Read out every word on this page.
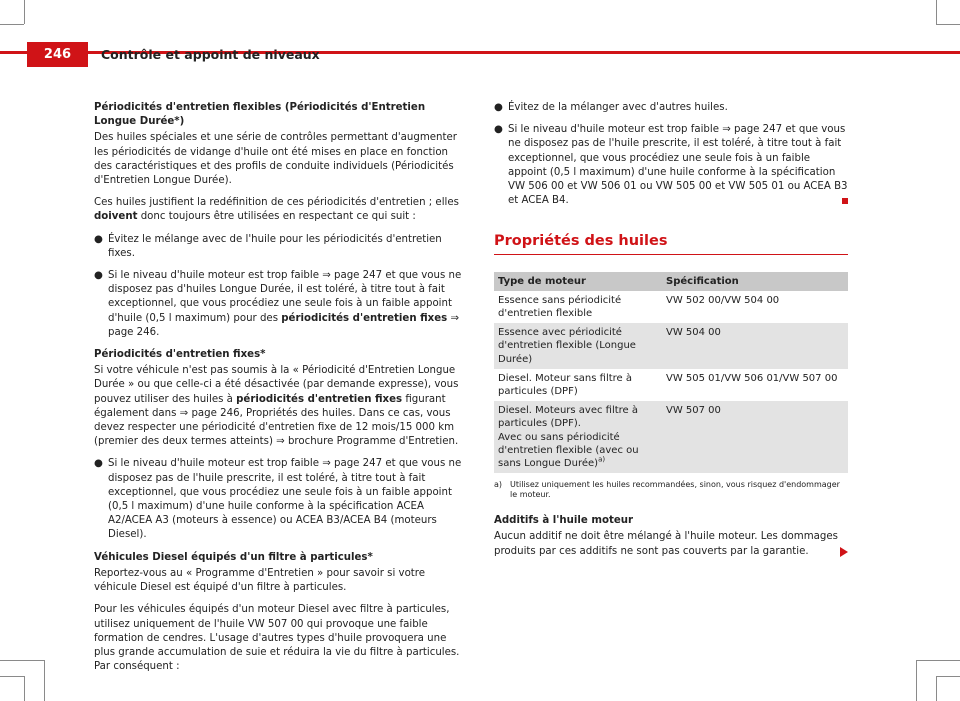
246	Contrôle et appoint de niveaux

Périodicités d'entretien flexibles (Périodicités d'Entretien Longue Durée*)

Des huiles spéciales et une série de contrôles permettant d'augmenter les périodicités de vidange d'huile ont été mises en place en fonction des caractéristiques et des profils de conduite individuels (Périodicités d'Entretien Longue Durée).

Ces huiles justifient la redéfinition de ces périodicités d'entretien ; elles doivent donc toujours être utilisées en respectant ce qui suit :

● Évitez le mélange avec de l'huile pour les périodicités d'entretien fixes.
● Si le niveau d'huile moteur est trop faible ⇒ page 247 et que vous ne disposez pas d'huiles Longue Durée, il est toléré, à titre tout à fait exceptionnel, que vous procédiez une seule fois à un faible appoint d'huile (0,5 l maximum) pour des périodicités d'entretien fixes ⇒ page 246.

Périodicités d'entretien fixes*

Si votre véhicule n'est pas soumis à la « Périodicité d'Entretien Longue Durée » ou que celle-ci a été désactivée (par demande expresse), vous pouvez utiliser des huiles à périodicités d'entretien fixes figurant également dans ⇒ page 246, Propriétés des huiles. Dans ce cas, vous devez respecter une périodicité d'entretien fixe de 12 mois/15 000 km (premier des deux termes atteints) ⇒ brochure Programme d'Entretien.

● Si le niveau d'huile moteur est trop faible ⇒ page 247 et que vous ne disposez pas de l'huile prescrite, il est toléré, à titre tout à fait exceptionnel, que vous procédiez une seule fois à un faible appoint (0,5 l maximum) d'une huile conforme à la spécification ACEA A2/ACEA A3 (moteurs à essence) ou ACEA B3/ACEA B4 (moteurs Diesel).

Véhicules Diesel équipés d'un filtre à particules*

Reportez-vous au « Programme d'Entretien » pour savoir si votre véhicule Diesel est équipé d'un filtre à particules.

Pour les véhicules équipés d'un moteur Diesel avec filtre à particules, utilisez uniquement de l'huile VW 507 00 qui provoque une faible formation de cendres. L'usage d'autres types d'huile provoquera une plus grande accumulation de suie et réduira la vie du filtre à particules. Par conséquent :

● Évitez de la mélanger avec d'autres huiles.
● Si le niveau d'huile moteur est trop faible ⇒ page 247 et que vous ne disposez pas de l'huile prescrite, il est toléré, à titre tout à fait exceptionnel, que vous procédiez une seule fois à un faible appoint (0,5 l maximum) d'une huile conforme à la spécification VW 506 00 et VW 506 01 ou VW 505 00 et VW 505 01 ou ACEA B3 et ACEA B4.
Propriétés des huiles
Type de moteur	Spécification
Essence sans périodicité d'entretien flexible	VW 502 00/VW 504 00
Essence avec périodicité d'entretien flexible (Longue Durée)	VW 504 00
Diesel. Moteur sans filtre à particules (DPF)	VW 505 01/VW 506 01/VW 507 00
Diesel. Moteurs avec filtre à particules (DPF).
Avec ou sans périodicité d'entretien flexible (avec ou sans Longue Durée)$^{a)}$	VW 507 00
a) Utilisez uniquement les huiles recommandées, sinon, vous risquez d'endommager le moteur.

Additifs à l'huile moteur

Aucun additif ne doit être mélangé à l'huile moteur. Les dommages produits par ces additifs ne sont pas couverts par la garantie.
